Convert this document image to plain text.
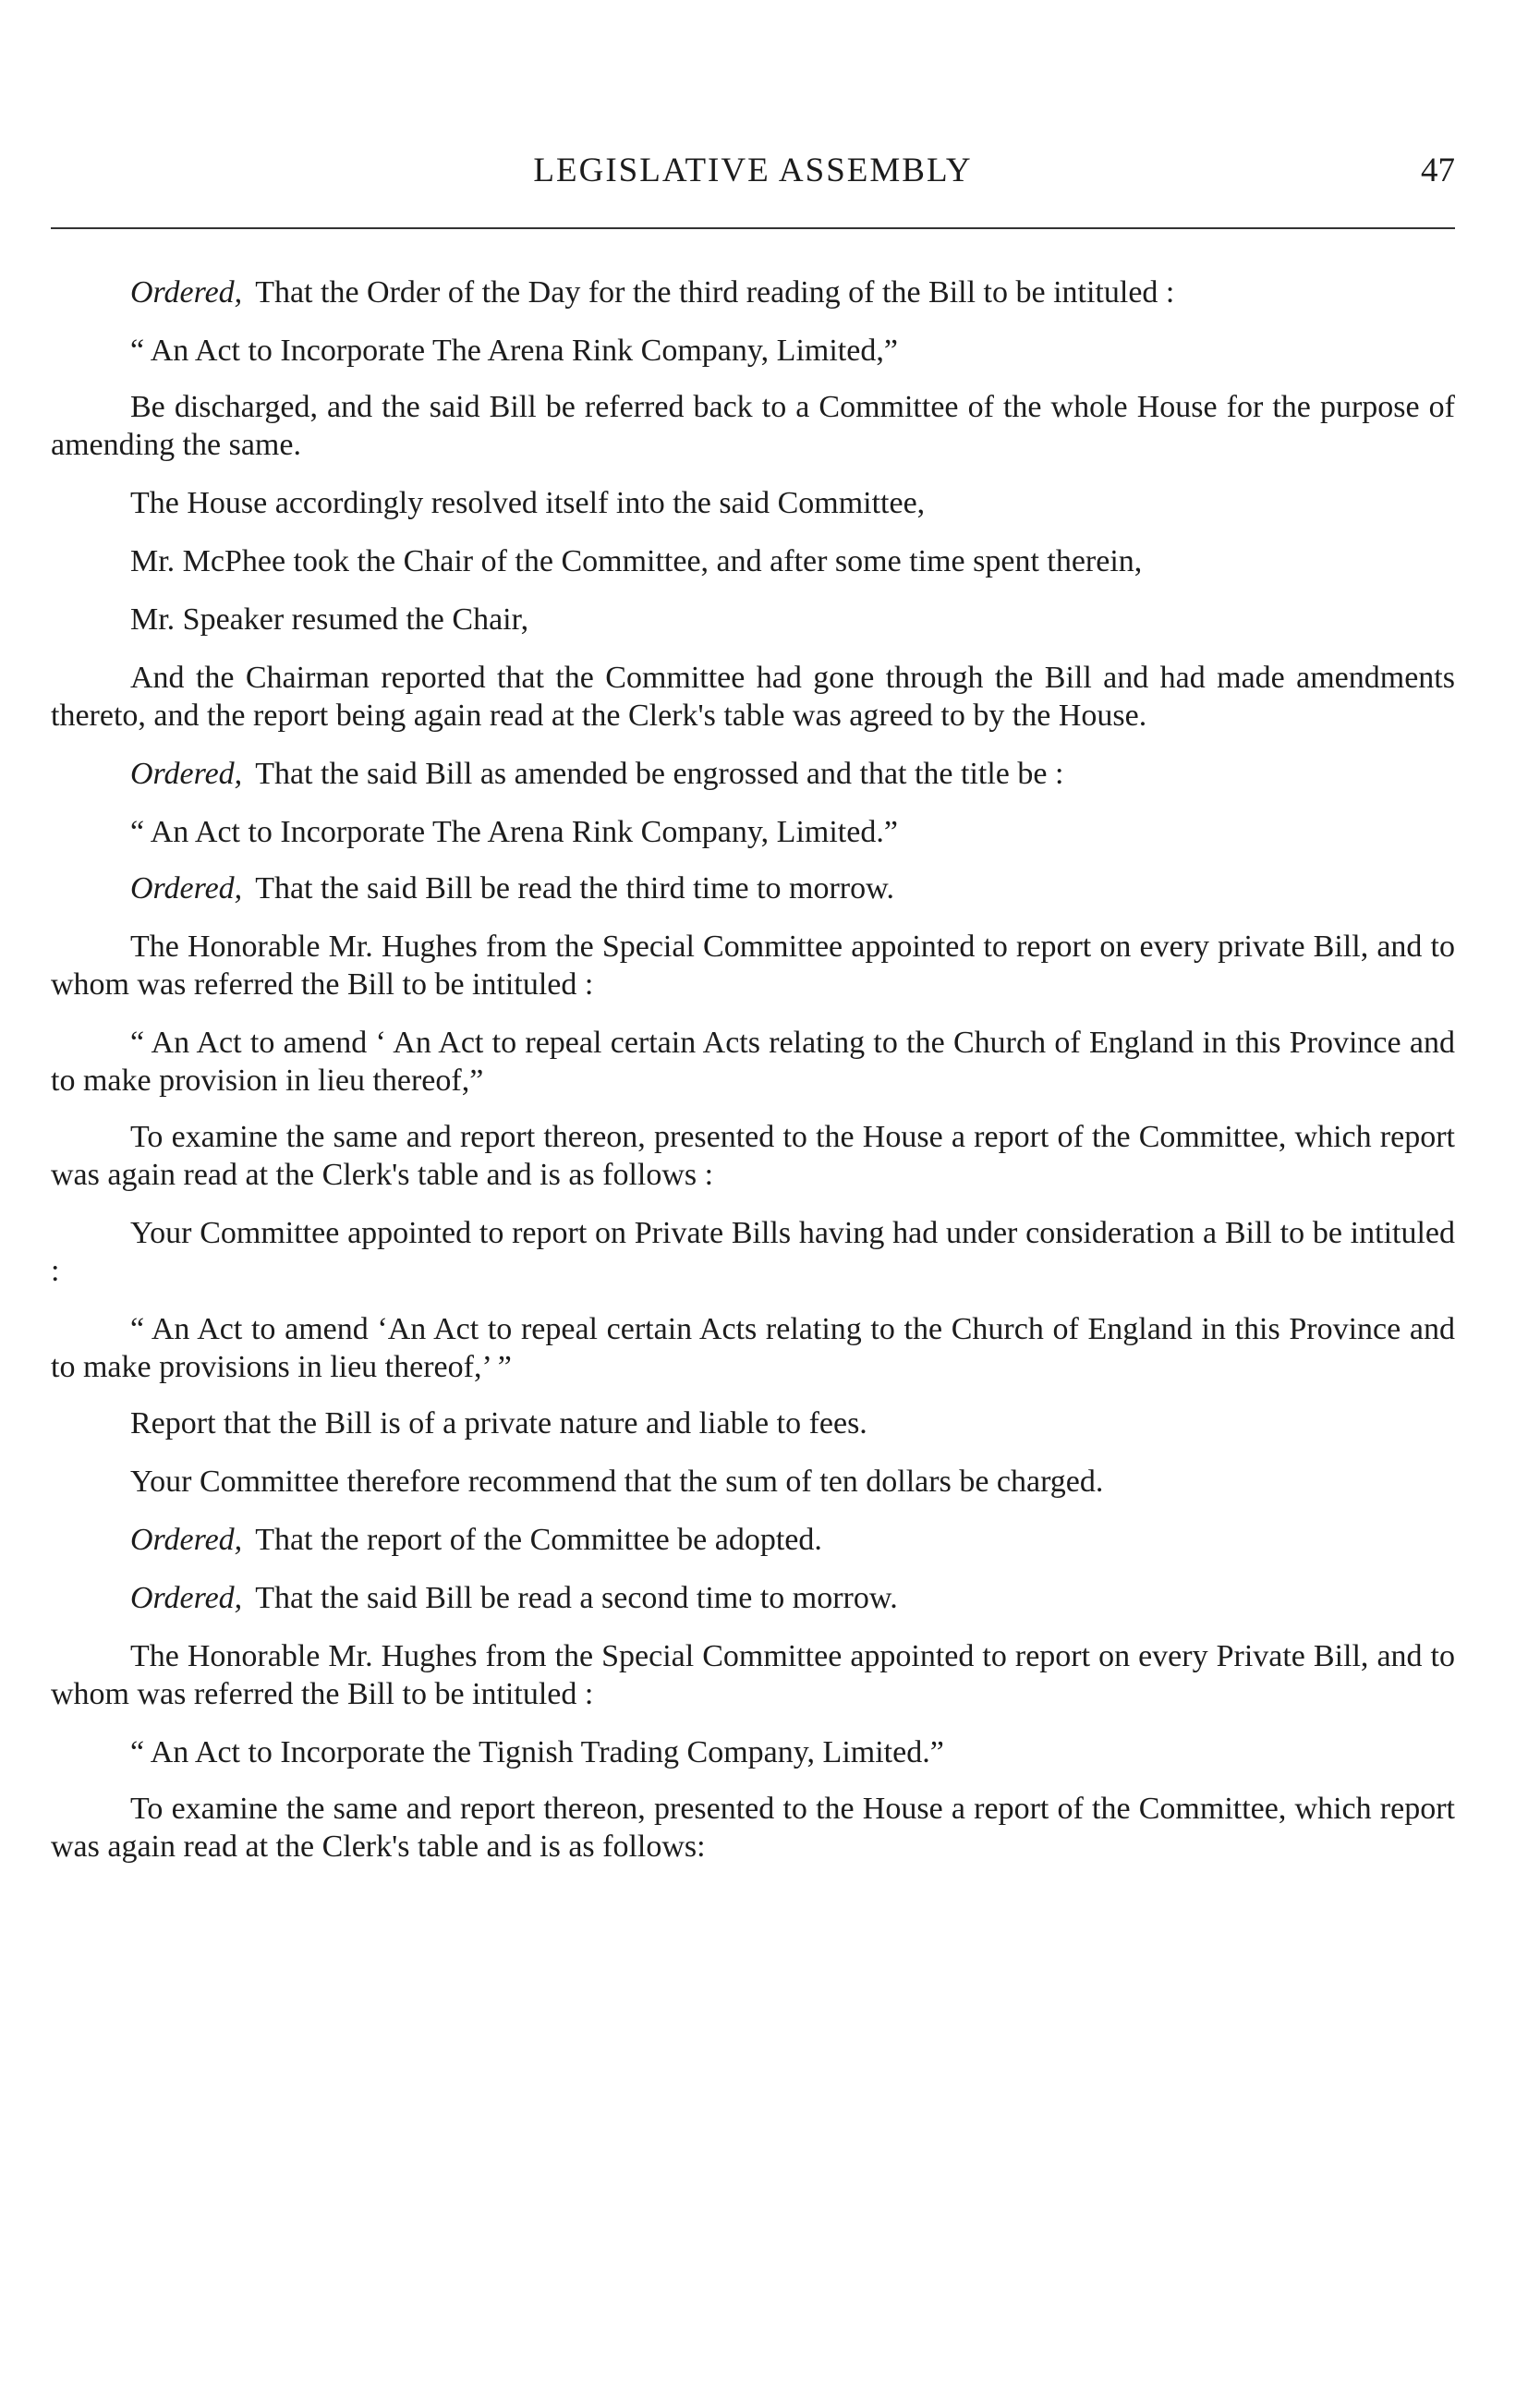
LEGISLATIVE ASSEMBLY	47

Ordered, That the Order of the Day for the third reading of the Bill to be intituled :

“ An Act to Incorporate The Arena Rink Company, Limited,”

Be discharged, and the said Bill be referred back to a Committee of the whole House for the purpose of amending the same.

The House accordingly resolved itself into the said Committee,

Mr. McPhee took the Chair of the Committee, and after some time spent therein,

Mr. Speaker resumed the Chair,

And the Chairman reported that the Committee had gone through the Bill and had made amendments thereto, and the report being again read at the Clerk's table was agreed to by the House.

Ordered, That the said Bill as amended be engrossed and that the title be :

“ An Act to Incorporate The Arena Rink Company, Limited.”

Ordered, That the said Bill be read the third time to morrow.

The Honorable Mr. Hughes from the Special Committee appointed to report on every private Bill, and to whom was referred the Bill to be intituled :

“ An Act to amend ‘ An Act to repeal certain Acts relating to the Church of England in this Province and to make provision in lieu thereof,”

To examine the same and report thereon, presented to the House a report of the Committee, which report was again read at the Clerk's table and is as follows :

Your Committee appointed to report on Private Bills having had under consideration a Bill to be intituled :

“ An Act to amend ‘An Act to repeal certain Acts relating to the Church of England in this Province and to make provisions in lieu thereof,’ ”

Report that the Bill is of a private nature and liable to fees.

Your Committee therefore recommend that the sum of ten dollars be charged.

Ordered, That the report of the Committee be adopted.

Ordered, That the said Bill be read a second time to morrow.

The Honorable Mr. Hughes from the Special Committee appointed to report on every Private Bill, and to whom was referred the Bill to be intituled :

“ An Act to Incorporate the Tignish Trading Company, Limited.”

To examine the same and report thereon, presented to the House a report of the Committee, which report was again read at the Clerk's table and is as follows:
